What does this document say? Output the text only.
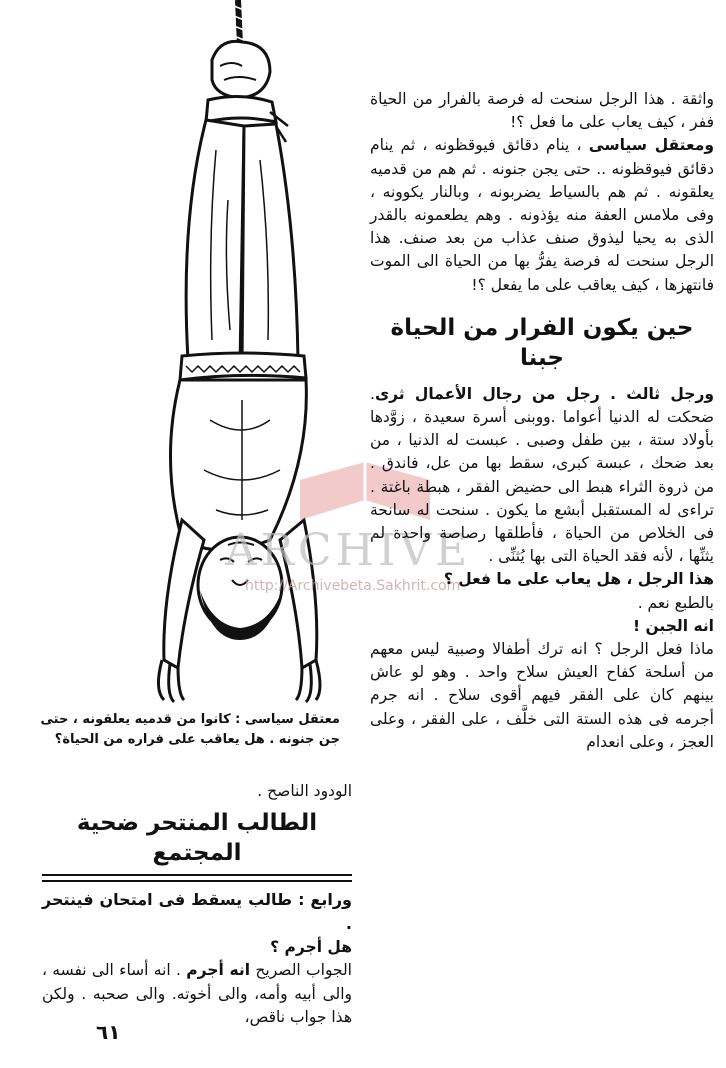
ARCHIVE
http://Archivebeta.Sakhrit.com

واثقة . هذا الرجل سنحت له فرصة بالفرار من الحياة ففر ، كيف يعاب على ما فعل ؟!

ومعتقل سياسى ، ينام دقائق فيوقظونه ، ثم ينام دقائق فيوقظونه .. حتى يجن جنونه . ثم هم من قدميه يعلقونه . ثم هم بالسياط يضربونه ، وبالنار يكوونه ، وفى ملامس العفة منه يؤذونه . وهم يطعمونه بالقدر الذى به يحيا ليذوق صنف عذاب من بعد صنف. هذا الرجل سنحت له فرصة يفرُّ بها من الحياة الى الموت فانتهزها ، كيف يعاقب على ما يفعل ؟!

حين يكون الفرار من الحياة جبنا

ورجل ثالث . رجل من رجال الأعمال ثرى. ضحكت له الدنيا أعواما .ووبنى أسرة سعيدة ، زوَّدها بأولاد ستة ، بين طفل وصبى . عبست له الدنيا ، من بعد ضحك ، عبسة كبرى، سقط بها من عل، فاندق . من ذروة الثراء هبط الى حضيض الفقر ، هبطة باغتة . تراءى له المستقبل أبشع ما يكون . سنحت له سانحة فى الخلاص من الحياة ، فأطلقها رصاصة واحدة لم يثنِّها ، لأنه فقد الحياة التى بها يُثنِّى .

هذا الرجل ، هل يعاب على ما فعل ؟

بالطبع نعم .

انه الجبن !

ماذا فعل الرجل ؟ انه ترك أطفالا وصبية ليس معهم من أسلحة كفاح العيش سلاح واحد . وهو لو عاش بينهم كان على الفقر فيهم أقوى سلاح . انه جرم أجرمه فى هذه الستة التى خلَّف ، على الفقر ، وعلى العجز ، وعلى انعدام

معتقل سياسى : كانوا من قدميه يعلقونه ، حتى جن جنونه . هل يعاقب على فراره من الحياة؟

الودود الناصح .

الطالب المنتحر ضحية المجتمع

ورابع : طالب يسقط فى امتحان فينتحر .

هل أجرم ؟

الجواب الصريح انه أجرم . انه أساء الى نفسه ، والى أبيه وأمه، والى أخوته. والى صحبه . ولكن هذا جواب ناقص،

٦١
